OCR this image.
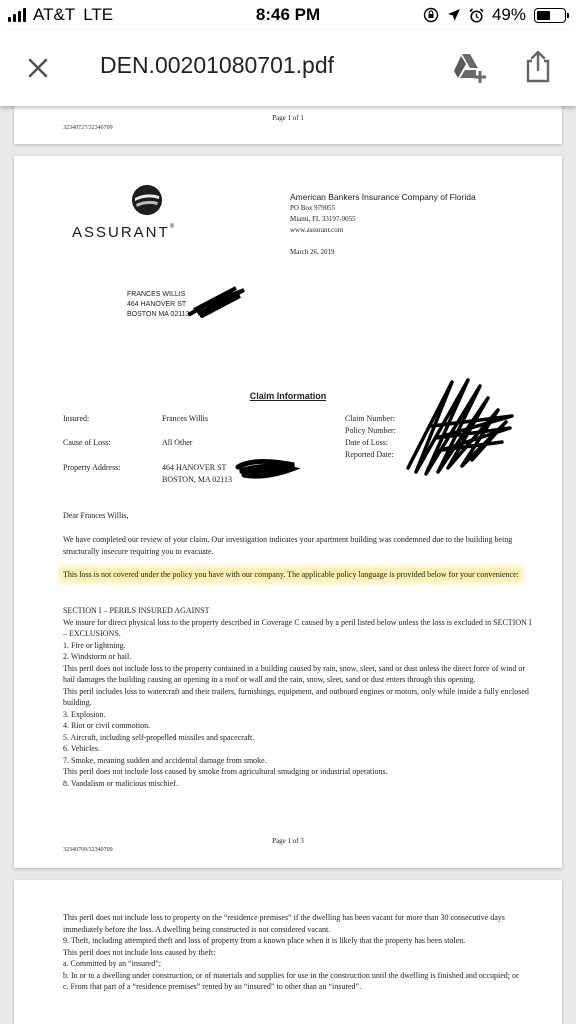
AT&T LTE	8:46 PM	49%
DEN.00201080701.pdf
Page 1 of 1
32340727/32340709
ASSURANT®
American Bankers Insurance Company of Florida
PO Box 979055
Miami, FL 33197-9055
www.assurant.com
March 26, 2019
FRANCES WILLIS
464 HANOVER ST
BOSTON MA 02113
Claim Information
Insured:	Frances Willis
Cause of Loss:	All Other
Property Address:	464 HANOVER ST
BOSTON, MA 02113
Claim Number:
Policy Number:
Date of Loss:
Reported Date:
Dear Frances Willis,
We have completed our review of your claim. Our investigation indicates your apartment building was condemned due to the building being structurally insecure requiring you to evacuate.
This loss is not covered under the policy you have with our company. The applicable policy language is provided below for your convenience:
SECTION I – PERILS INSURED AGAINST
We insure for direct physical loss to the property described in Coverage C caused by a peril listed below unless the loss is excluded in SECTION I – EXCLUSIONS.
1. Fire or lightning.
2. Windstorm or hail.
This peril does not include loss to the property contained in a building caused by rain, snow, sleet, sand or dust unless the direct force of wind or hail damages the building causing an opening in a roof or wall and the rain, snow, sleet, sand or dust enters through this opening.
This peril includes loss to watercraft and their trailers, furnishings, equipment, and outboard engines or motors, only while inside a fully enclosed building.
3. Explosion.
4. Riot or civil commotion.
5. Aircraft, including self-propelled missiles and spacecraft.
6. Vehicles.
7. Smoke, meaning sudden and accidental damage from smoke.
This peril does not include loss caused by smoke from agricultural smudging or industrial operations.
8. Vandalism or malicious mischief.
Page 1 of 3
32340709/32340709
This peril does not include loss to property on the “residence premises” if the dwelling has been vacant for more than 30 consecutive days immediately before the loss. A dwelling being constructed is not considered vacant.
9. Theft, including attempted theft and loss of property from a known place when it is likely that the property has been stolen.
This peril does not include loss caused by theft:
a. Committed by an “insured”;
b. In or to a dwelling under construction, or of materials and supplies for use in the construction until the dwelling is finished and occupied; or
c. From that part of a “residence premises” rented by an “insured” to other than an “insured”.
